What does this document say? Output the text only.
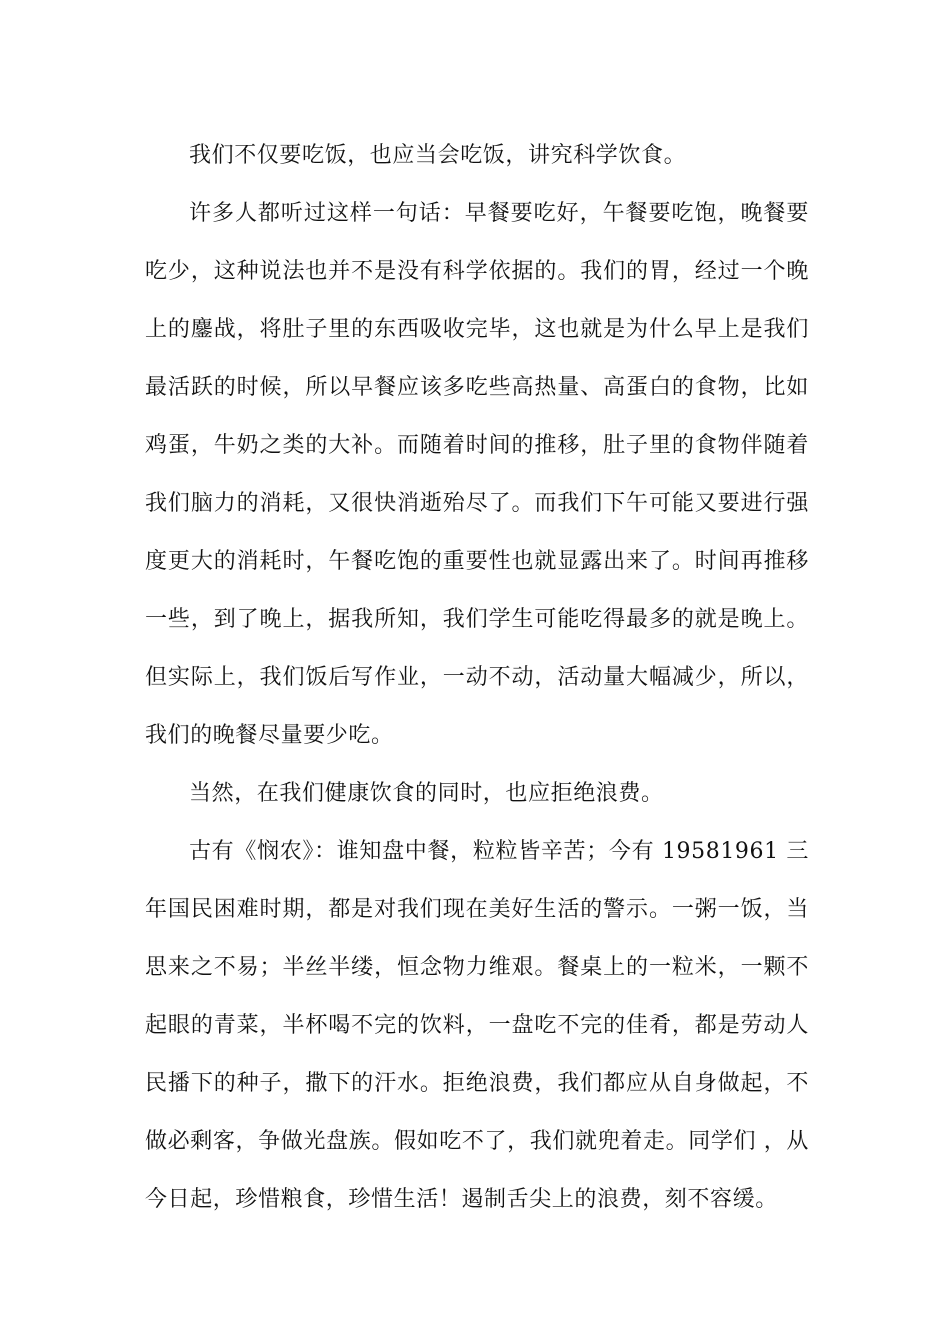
我们不仅要吃饭，也应当会吃饭，讲究科学饮食。

许多人都听过这样一句话：早餐要吃好，午餐要吃饱，晚餐要吃少，这种说法也并不是没有科学依据的。我们的胃，经过一个晚上的鏖战，将肚子里的东西吸收完毕，这也就是为什么早上是我们最活跃的时候，所以早餐应该多吃些高热量、高蛋白的食物，比如鸡蛋，牛奶之类的大补。而随着时间的推移，肚子里的食物伴随着我们脑力的消耗，又很快消逝殆尽了。而我们下午可能又要进行强度更大的消耗时，午餐吃饱的重要性也就显露出来了。时间再推移一些，到了晚上，据我所知，我们学生可能吃得最多的就是晚上。但实际上，我们饭后写作业，一动不动，活动量大幅减少，所以，我们的晚餐尽量要少吃。

当然，在我们健康饮食的同时，也应拒绝浪费。

古有《悯农》：谁知盘中餐，粒粒皆辛苦；今有 19581961 三年国民困难时期，都是对我们现在美好生活的警示。一粥一饭，当思来之不易；半丝半缕，恒念物力维艰。餐桌上的一粒米，一颗不起眼的青菜，半杯喝不完的饮料，一盘吃不完的佳肴，都是劳动人民播下的种子，撒下的汗水。拒绝浪费，我们都应从自身做起，不做必剩客，争做光盘族。假如吃不了，我们就兜着走。同学们 ，从今日起，珍惜粮食，珍惜生活！遏制舌尖上的浪费，刻不容缓。
